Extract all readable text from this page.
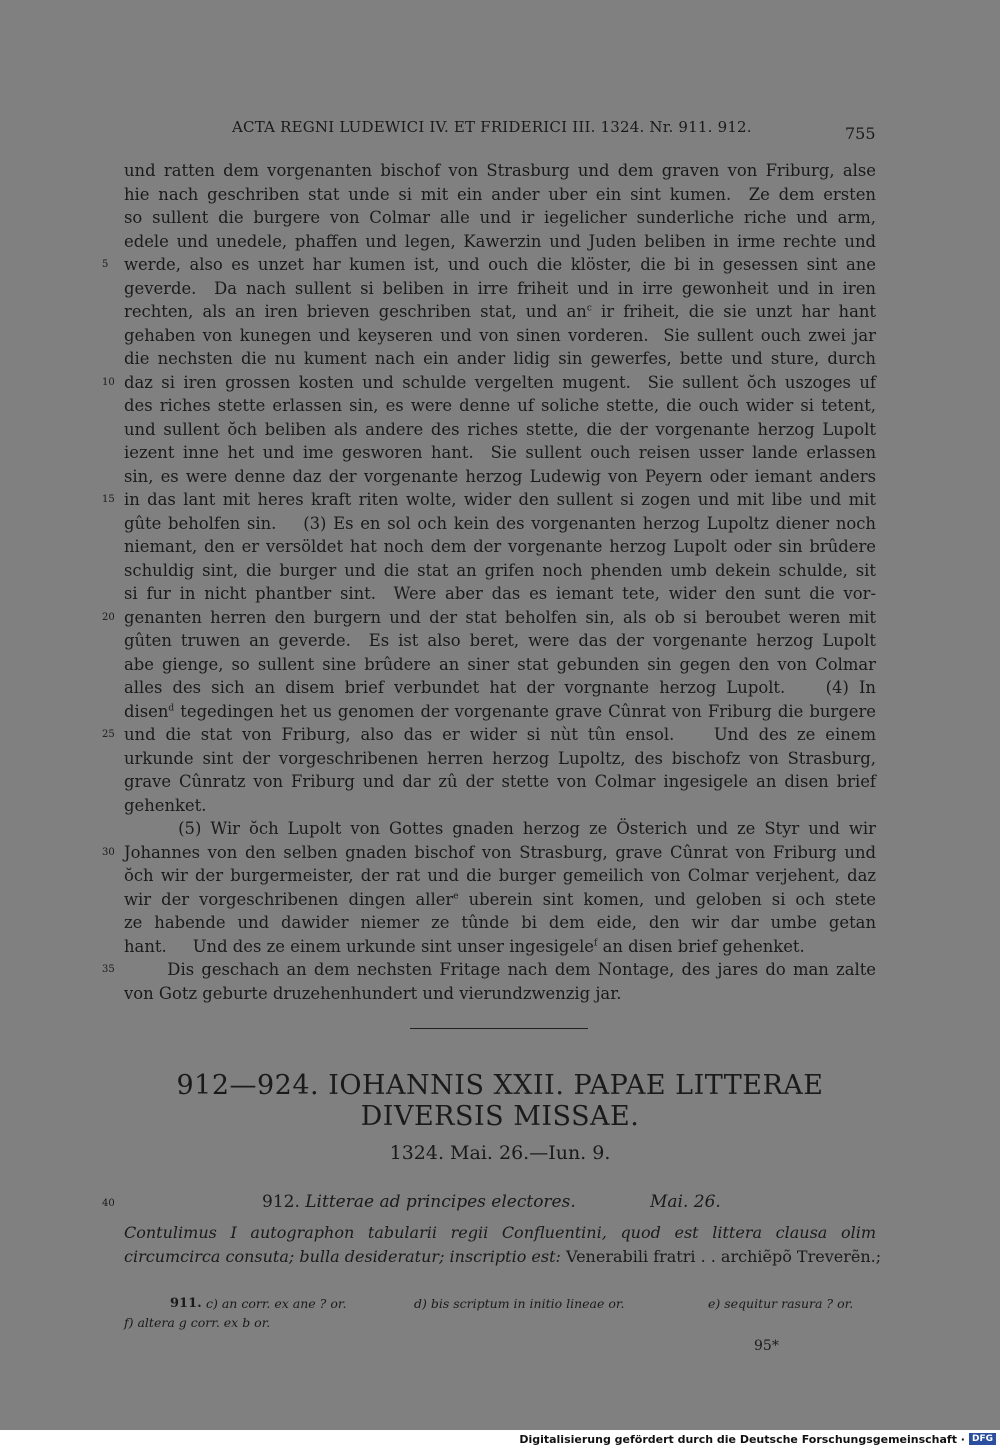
ACTA REGNI LUDEWICI IV. ET FRIDERICI III. 1324. Nr. 911. 912.	755
und ratten dem vorgenanten bischof von Strasburg und dem graven von Friburg, alse
hie nach geschriben stat unde si mit ein ander uber ein sint kumen.  Ze dem ersten
so sullent die burgere von Colmar alle und ir iegelicher sunderliche riche und arm,
edele und unedele, phaffen und legen, Kawerzin und Juden beliben in irme rechte und
5 werde, also es unzet har kumen ist, und ouch die klöster, die bi in gesessen sint ane
geverde.  Da nach sullent si beliben in irre friheit und in irre gewonheit und in iren
rechten, als an iren brieven geschriben stat, und $an^c$ ir friheit, die sie unzt har hant
gehaben von kunegen und keyseren und von sinen vorderen.  Sie sullent ouch zwei jar
die nechsten die nu kument nach ein ander lidig sin gewerfes, bette und sture, durch
10 daz si iren grossen kosten und schulde vergelten mugent.  Sie sullent ŏch uszoges uf
des riches stette erlassen sin, es were denne uf soliche stette, die ouch wider si tetent,
und sullent ŏch beliben als andere des riches stette, die der vorgenante herzog Lupolt
iezent inne het und ime gesworen hant.  Sie sullent ouch reisen usser lande erlassen
sin, es were denne daz der vorgenante herzog Ludewig von Peyern oder iemant anders
15 in das lant mit heres kraft riten wolte, wider den sullent si zogen und mit libe und mit
gûte beholfen sin.    (3) Es en sol och kein des vorgenanten herzog Lupoltz diener noch
niemant, den er versöldet hat noch dem der vorgenante herzog Lupolt oder sin brûdere
schuldig sint, die burger und die stat an grifen noch phenden umb dekein schulde, sit
si fur in nicht phantber sint.  Were aber das es iemant tete, wider den sunt die vor-
20 genanten herren den burgern und der stat beholfen sin, als ob si beroubet weren mit
gûten truwen an geverde.  Es ist also beret, were das der vorgenante herzog Lupolt
abe gienge, so sullent sine brûdere an siner stat gebunden sin gegen den von Colmar
alles des sich an disem brief verbundet hat der vorgnante herzog Lupolt.    (4) In
disen$^d$ tegedingen het us genomen der vorgenante grave Cûnrat von Friburg die burgere
25 und die stat von Friburg, also das er wider si nùt tûn ensol.    Und des ze einem
urkunde sint der vorgeschribenen herren herzog Lupoltz, des bischofz von Strasburg,
grave Cûnratz von Friburg und dar zû der stette von Colmar ingesigele an disen brief
gehenket.
(5) Wir ŏch Lupolt von Gottes gnaden herzog ze Österich und ze Styr und wir
30 Johannes von den selben gnaden bischof von Strasburg, grave Cûnrat von Friburg und
ŏch wir der burgermeister, der rat und die burger gemeilich von Colmar verjehent, daz
wir der vorgeschribenen dingen aller$^e$ uberein sint komen, und geloben si och stete
ze habende und dawider niemer ze tûnde bi dem eide, den wir dar umbe getan
hant.     Und des ze einem urkunde sint unser ingesigele$^f$ an disen brief gehenket.
35 Dis geschach an dem nechsten Fritage nach dem Nontage, des jares do man zalte
von Gotz geburte druzehenhundert und vierundzwenzig jar.
912—924. IOHANNIS XXII. PAPAE LITTERAE
DIVERSIS MISSAE.
1324. Mai. 26.—Iun. 9.
40	912. Litterae ad principes electores.	Mai. 26.
Contulimus I autographon tabularii regii Confluentini, quod est littera clausa olim
circumcirca consuta; bulla desideratur; inscriptio est: Venerabili fratri . . archiẽpõ Treverẽn.;
911. c) an corr. ex ane ? or.	d) bis scriptum in initio lineae or.	e) sequitur rasura ? or.
f) altera g corr. ex b or.
95*
Digitalisierung gefördert durch die Deutsche Forschungsgemeinschaft · DFG
